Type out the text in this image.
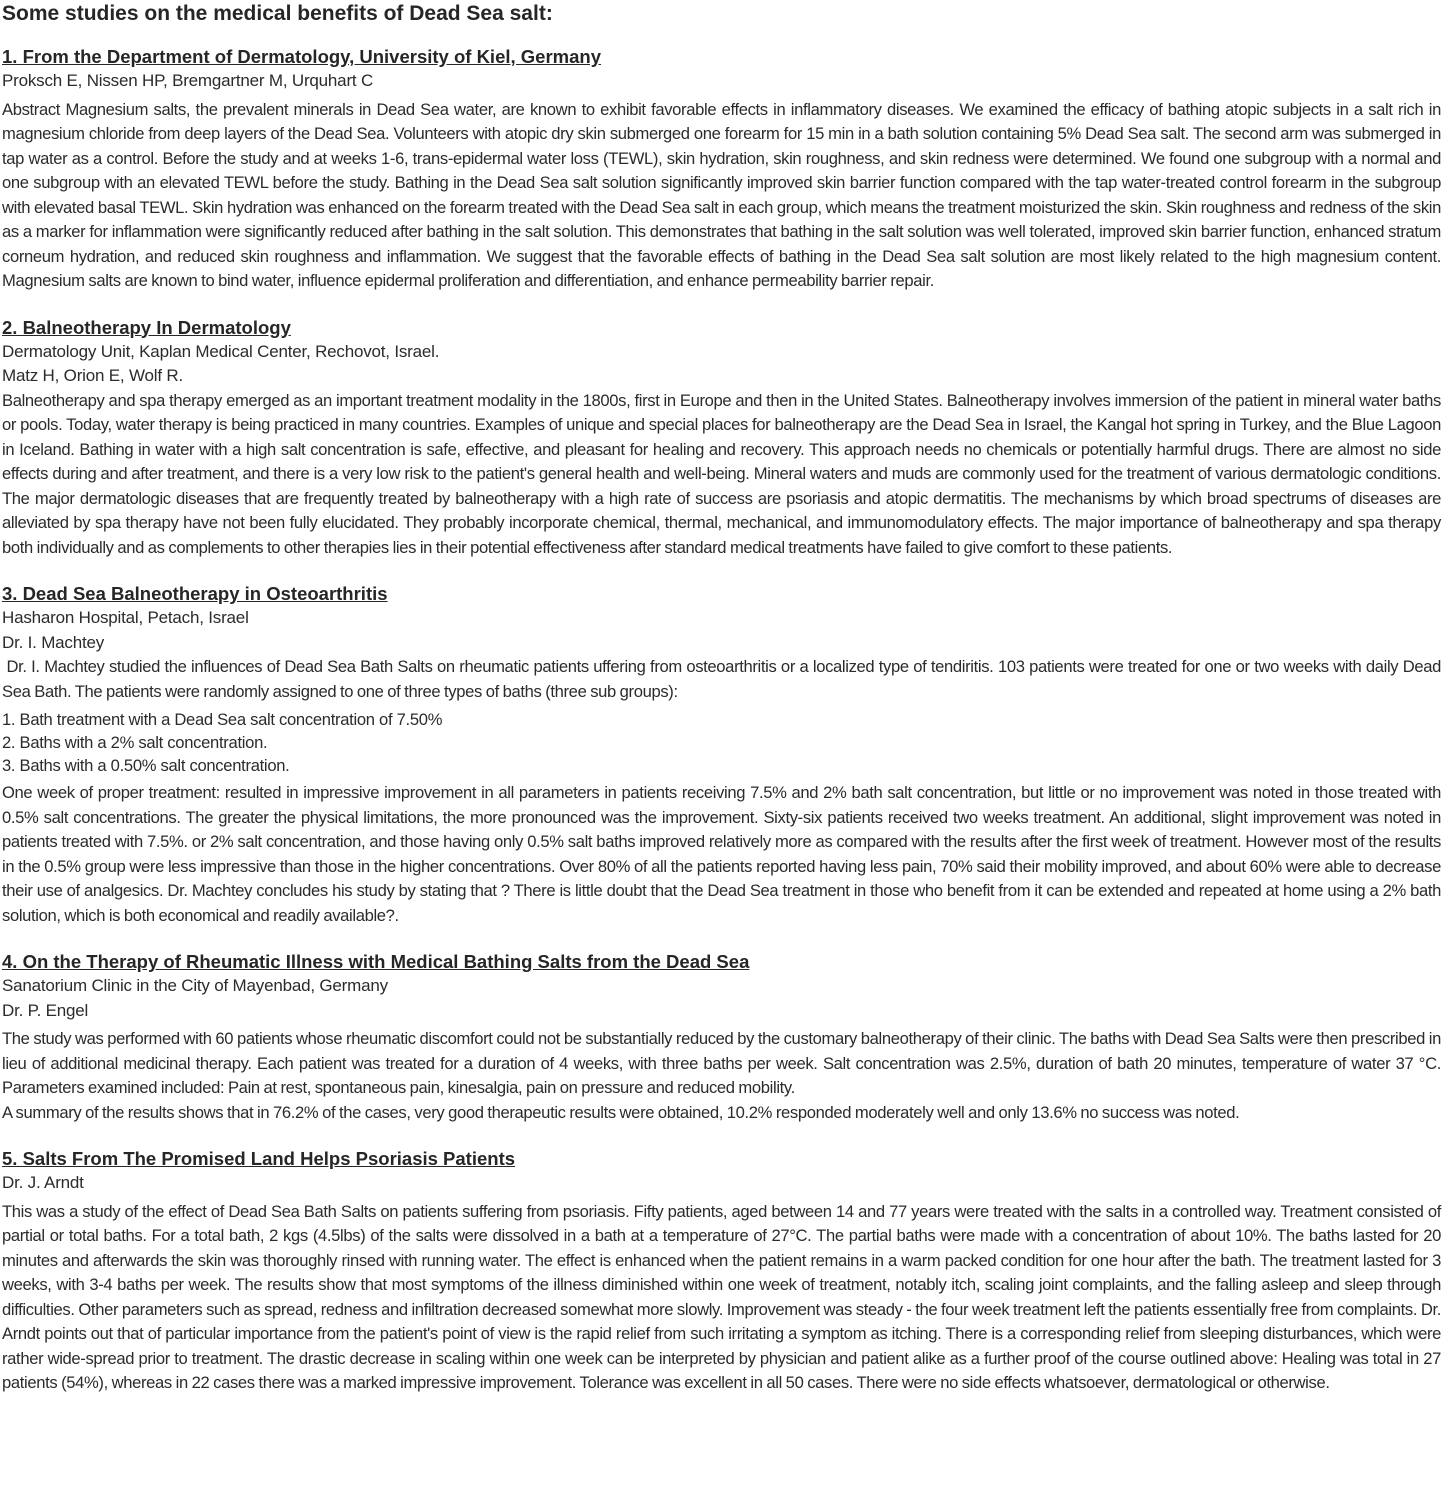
Some studies on the medical benefits of Dead Sea salt:
1. From the Department of Dermatology, University of Kiel, Germany

Proksch E, Nissen HP, Bremgartner M, Urquhart C

Abstract Magnesium salts, the prevalent minerals in Dead Sea water, are known to exhibit favorable effects in inflammatory diseases. We examined the efficacy of bathing atopic subjects in a salt rich in magnesium chloride from deep layers of the Dead Sea. Volunteers with atopic dry skin submerged one forearm for 15 min in a bath solution containing 5% Dead Sea salt. The second arm was submerged in tap water as a control. Before the study and at weeks 1-6, trans-epidermal water loss (TEWL), skin hydration, skin roughness, and skin redness were determined. We found one subgroup with a normal and one subgroup with an elevated TEWL before the study. Bathing in the Dead Sea salt solution significantly improved skin barrier function compared with the tap water-treated control forearm in the subgroup with elevated basal TEWL. Skin hydration was enhanced on the forearm treated with the Dead Sea salt in each group, which means the treatment moisturized the skin. Skin roughness and redness of the skin as a marker for inflammation were significantly reduced after bathing in the salt solution. This demonstrates that bathing in the salt solution was well tolerated, improved skin barrier function, enhanced stratum corneum hydration, and reduced skin roughness and inflammation. We suggest that the favorable effects of bathing in the Dead Sea salt solution are most likely related to the high magnesium content. Magnesium salts are known to bind water, influence epidermal proliferation and differentiation, and enhance permeability barrier repair.

2. Balneotherapy In Dermatology

Dermatology Unit, Kaplan Medical Center, Rechovot, Israel.

Matz H, Orion E, Wolf R.

Balneotherapy and spa therapy emerged as an important treatment modality in the 1800s, first in Europe and then in the United States. Balneotherapy involves immersion of the patient in mineral water baths or pools. Today, water therapy is being practiced in many countries. Examples of unique and special places for balneotherapy are the Dead Sea in Israel, the Kangal hot spring in Turkey, and the Blue Lagoon in Iceland. Bathing in water with a high salt concentration is safe, effective, and pleasant for healing and recovery. This approach needs no chemicals or potentially harmful drugs. There are almost no side effects during and after treatment, and there is a very low risk to the patient's general health and well-being. Mineral waters and muds are commonly used for the treatment of various dermatologic conditions. The major dermatologic diseases that are frequently treated by balneotherapy with a high rate of success are psoriasis and atopic dermatitis. The mechanisms by which broad spectrums of diseases are alleviated by spa therapy have not been fully elucidated. They probably incorporate chemical, thermal, mechanical, and immunomodulatory effects. The major importance of balneotherapy and spa therapy both individually and as complements to other therapies lies in their potential effectiveness after standard medical treatments have failed to give comfort to these patients.

3. Dead Sea Balneotherapy in Osteoarthritis

Hasharon Hospital, Petach, Israel

Dr. I. Machtey

Dr. I. Machtey studied the influences of Dead Sea Bath Salts on rheumatic patients uffering from osteoarthritis or a localized type of tendiritis. 103 patients were treated for one or two weeks with daily Dead Sea Bath. The patients were randomly assigned to one of three types of baths (three sub groups):

1. Bath treatment with a Dead Sea salt concentration of 7.50%
2. Baths with a 2% salt concentration.
3. Baths with a 0.50% salt concentration.

One week of proper treatment: resulted in impressive improvement in all parameters in patients receiving 7.5% and 2% bath salt concentration, but little or no improvement was noted in those treated with 0.5% salt concentrations. The greater the physical limitations, the more pronounced was the improvement. Sixty-six patients received two weeks treatment. An additional, slight improvement was noted in patients treated with 7.5%. or 2% salt concentration, and those having only 0.5% salt baths improved relatively more as compared with the results after the first week of treatment. However most of the results in the 0.5% group were less impressive than those in the higher concentrations. Over 80% of all the patients reported having less pain, 70% said their mobility improved, and about 60% were able to decrease their use of analgesics. Dr. Machtey concludes his study by stating that ? There is little doubt that the Dead Sea treatment in those who benefit from it can be extended and repeated at home using a 2% bath solution, which is both economical and readily available?.

4. On the Therapy of Rheumatic Illness with Medical Bathing Salts from the Dead Sea

Sanatorium Clinic in the City of Mayenbad, Germany

Dr. P. Engel

The study was performed with 60 patients whose rheumatic discomfort could not be substantially reduced by the customary balneotherapy of their clinic. The baths with Dead Sea Salts were then prescribed in lieu of additional medicinal therapy. Each patient was treated for a duration of 4 weeks, with three baths per week. Salt concentration was 2.5%, duration of bath 20 minutes, temperature of water 37 °C. Parameters examined included: Pain at rest, spontaneous pain, kinesalgia, pain on pressure and reduced mobility.

A summary of the results shows that in 76.2% of the cases, very good therapeutic results were obtained, 10.2% responded moderately well and only 13.6% no success was noted.

5. Salts From The Promised Land Helps Psoriasis Patients

Dr. J. Arndt

This was a study of the effect of Dead Sea Bath Salts on patients suffering from psoriasis. Fifty patients, aged between 14 and 77 years were treated with the salts in a controlled way. Treatment consisted of partial or total baths. For a total bath, 2 kgs (4.5lbs) of the salts were dissolved in a bath at a temperature of 27°C. The partial baths were made with a concentration of about 10%. The baths lasted for 20 minutes and afterwards the skin was thoroughly rinsed with running water. The effect is enhanced when the patient remains in a warm packed condition for one hour after the bath. The treatment lasted for 3 weeks, with 3-4 baths per week. The results show that most symptoms of the illness diminished within one week of treatment, notably itch, scaling joint complaints, and the falling asleep and sleep through difficulties. Other parameters such as spread, redness and infiltration decreased somewhat more slowly. Improvement was steady - the four week treatment left the patients essentially free from complaints. Dr. Arndt points out that of particular importance from the patient's point of view is the rapid relief from such irritating a symptom as itching. There is a corresponding relief from sleeping disturbances, which were rather wide-spread prior to treatment. The drastic decrease in scaling within one week can be interpreted by physician and patient alike as a further proof of the course outlined above: Healing was total in 27 patients (54%), whereas in 22 cases there was a marked impressive improvement. Tolerance was excellent in all 50 cases. There were no side effects whatsoever, dermatological or otherwise.
